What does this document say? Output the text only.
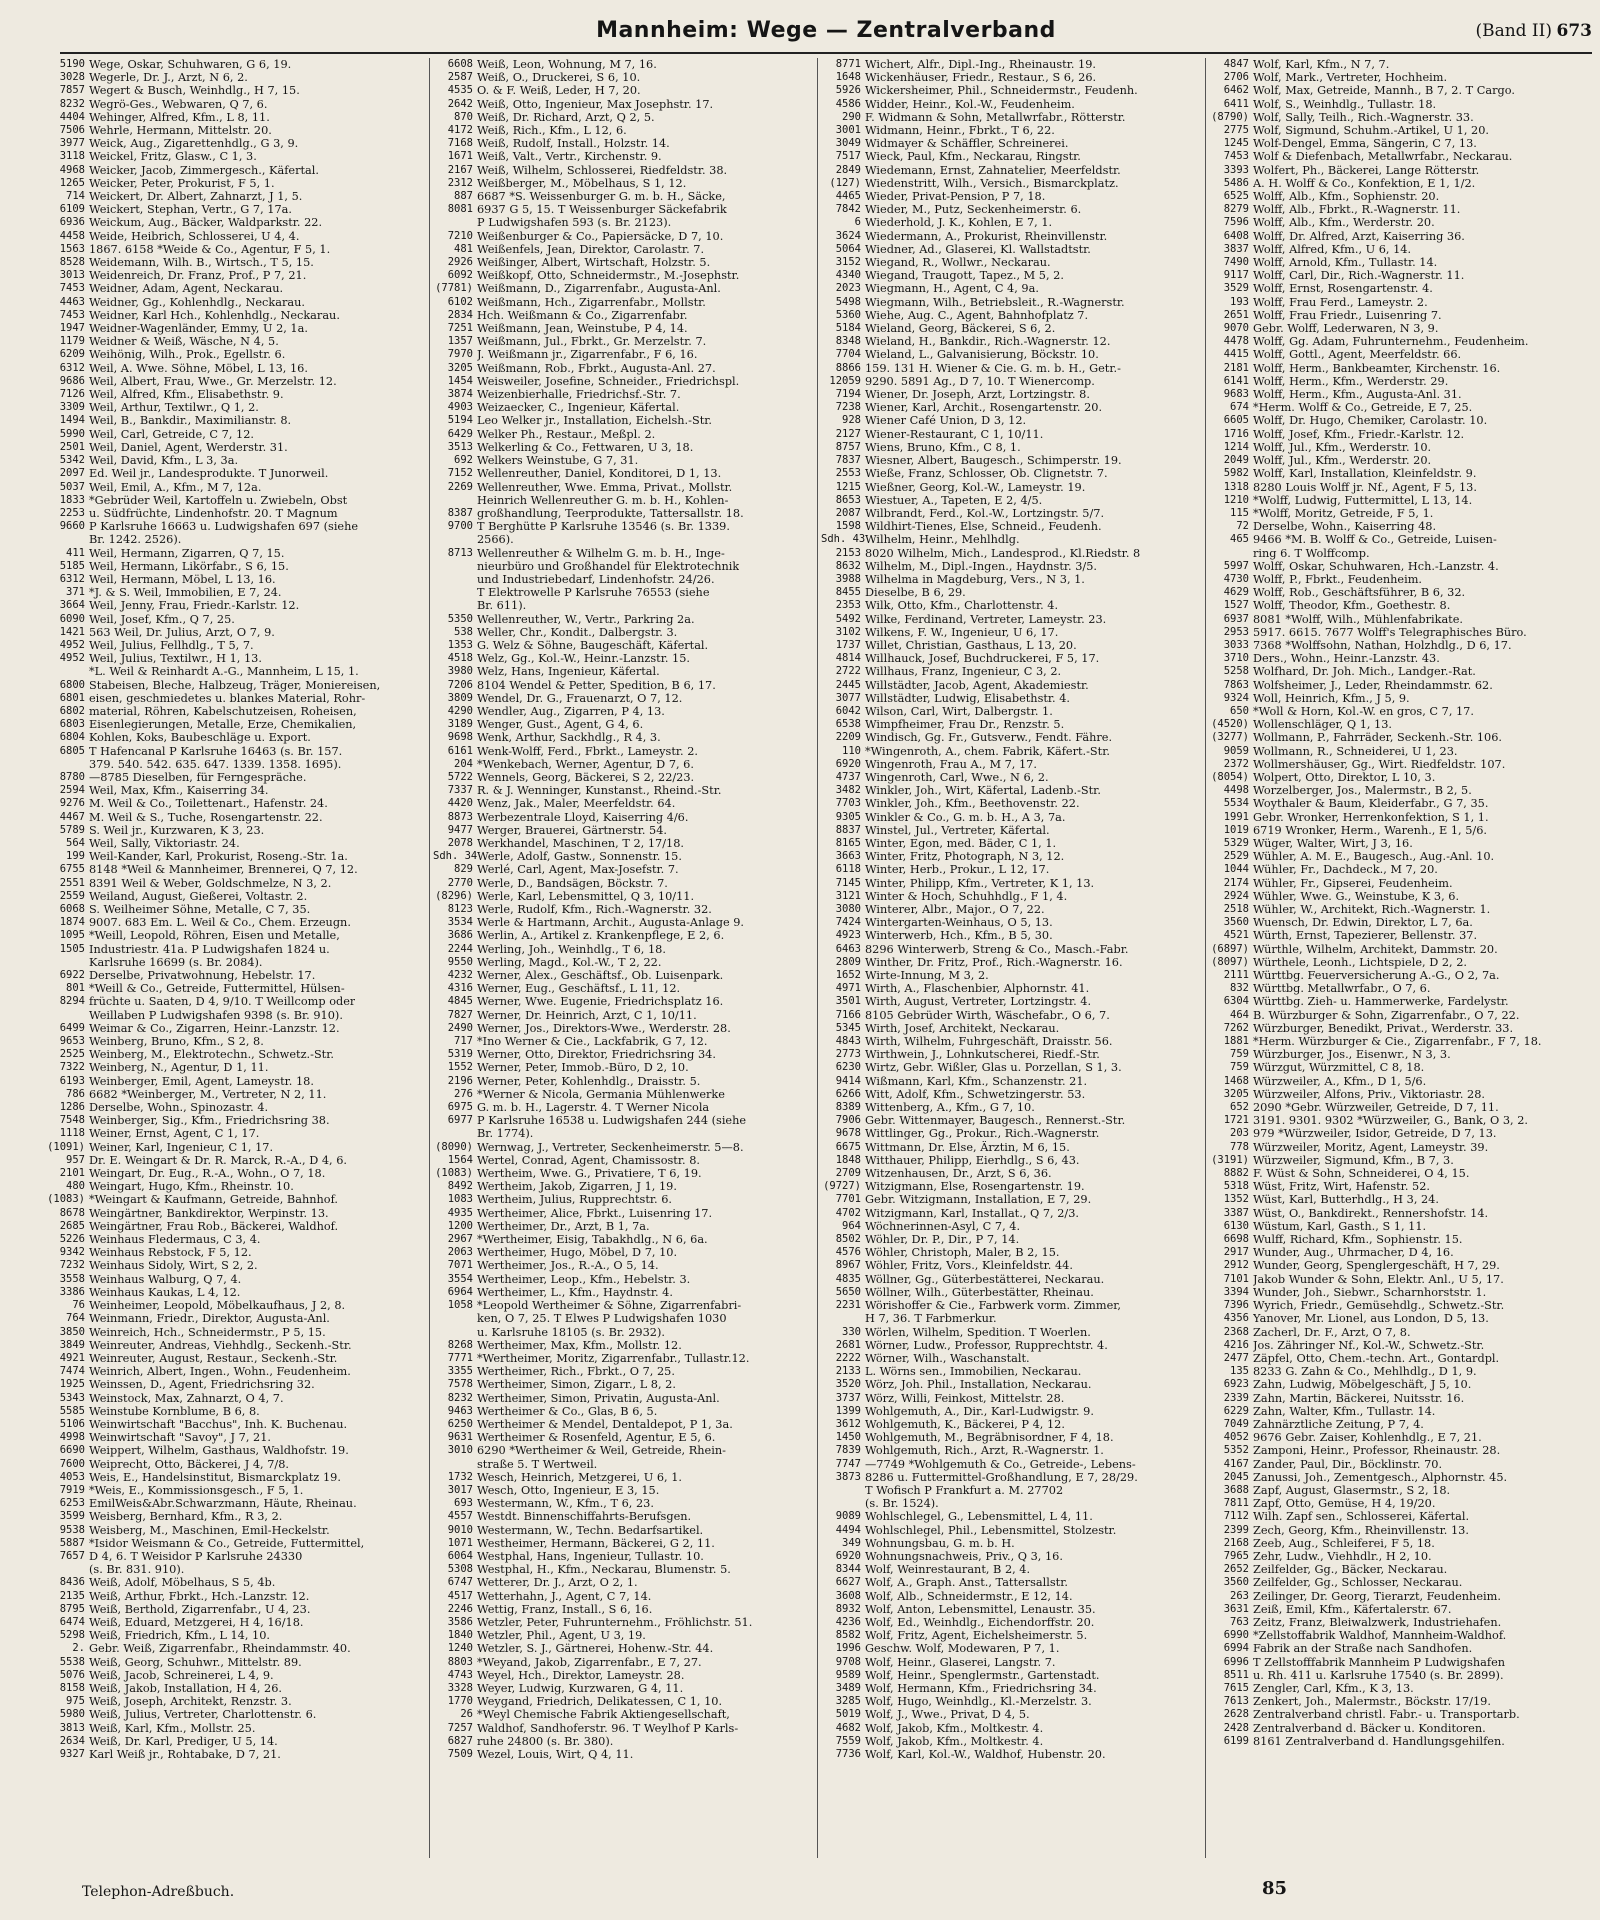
Mannheim: Wege — Zentralverband	(Band II) 673
5190 Wege, Oskar, Schuhwaren, G 6, 19.
3028 Wegerle, Dr. J., Arzt, N 6, 2.
7857 Wegert & Busch, Weinhdlg., H 7, 15.
8232 Wegrö-Ges., Webwaren, Q 7, 6.
4404 Wehinger, Alfred, Kfm., L 8, 11.
7506 Wehrle, Hermann, Mittelstr. 20.
3977 Weick, Aug., Zigarettenhdlg., G 3, 9.
3118 Weickel, Fritz, Glasw., C 1, 3.
4968 Weicker, Jacob, Zimmergesch., Käfertal.
1265 Weicker, Peter, Prokurist, F 5, 1.
714 Weickert, Dr. Albert, Zahnarzt, J 1, 5.
6109 Weickert, Stephan, Vertr., G 7, 17a.
6936 Weickum, Aug., Bäcker, Waldparkstr. 22.
4458 Weide, Heibrich, Schlosserei, U 4, 4.
1563 1867. 6158 *Weide & Co., Agentur, F 5, 1.
8528 Weidemann, Wilh. B., Wirtsch., T 5, 15.
3013 Weidenreich, Dr. Franz, Prof., P 7, 21.
7453 Weidner, Adam, Agent, Neckarau.
4463 Weidner, Gg., Kohlenhdlg., Neckarau.
7453 Weidner, Karl Hch., Kohlenhdlg., Neckarau.
1947 Weidner-Wagenländer, Emmy, U 2, 1a.
1179 Weidner & Weiß, Wäsche, N 4, 5.
6209 Weihönig, Wilh., Prok., Egellstr. 6.
6312 Weil, A. Wwe. Söhne, Möbel, L 13, 16.
9686 Weil, Albert, Frau, Wwe., Gr. Merzelstr. 12.
7126 Weil, Alfred, Kfm., Elisabethstr. 9.
3309 Weil, Arthur, Textilwr., Q 1, 2.
1494 Weil, B., Bankdir., Maximilianstr. 8.
5990 Weil, Carl, Getreide, C 7, 12.
2501 Weil, Daniel, Agent, Werderstr. 31.
5342 Weil, David, Kfm., L 3, 3a.
2097 Ed. Weil jr., Landesprodukte. T Junorweil.
5037 Weil, Emil, A., Kfm., M 7, 12a.
1833 *Gebrüder Weil, Kartoffeln u. Zwiebeln, Obst
2253 u. Südfrüchte, Lindenhofstr. 20. T Magnum
9660 P Karlsruhe 16663 u. Ludwigshafen 697 (siehe
Br. 1242. 2526).
411 Weil, Hermann, Zigarren, Q 7, 15.
5185 Weil, Hermann, Likörfabr., S 6, 15.
6312 Weil, Hermann, Möbel, L 13, 16.
371 *J. & S. Weil, Immobilien, E 7, 24.
3664 Weil, Jenny, Frau, Friedr.-Karlstr. 12.
6090 Weil, Josef, Kfm., Q 7, 25.
1421 563 Weil, Dr. Julius, Arzt, O 7, 9.
4952 Weil, Julius, Fellhdlg., T 5, 7.
4952 Weil, Julius, Textilwr., H 1, 13.
*L. Weil & Reinhardt A.-G., Mannheim, L 15, 1.
6800 Stabeisen, Bleche, Halbzeug, Träger, Moniereisen,
6801 eisen, geschmiedetes u. blankes Material, Rohr-
6802 material, Röhren, Kabelschutzeisen, Roheisen,
6803 Eisenlegierungen, Metalle, Erze, Chemikalien,
6804 Kohlen, Koks, Baubeschläge u. Export.
6805 T Hafencanal P Karlsruhe 16463 (s. Br. 157.
379. 540. 542. 635. 647. 1339. 1358. 1695).
8780 —8785 Dieselben, für Ferngespräche.
2594 Weil, Max, Kfm., Kaiserring 34.
9276 M. Weil & Co., Toilettenart., Hafenstr. 24.
4467 M. Weil & S., Tuche, Rosengartenstr. 22.
5789 S. Weil jr., Kurzwaren, K 3, 23.
564 Weil, Sally, Viktoriastr. 24.
199 Weil-Kander, Karl, Prokurist, Roseng.-Str. 1a.
6755 8148 *Weil & Mannheimer, Brennerei, Q 7, 12.
2551 8391 Weil & Weber, Goldschmelze, N 3, 2.
2559 Weiland, August, Gießerei, Voltastr. 2.
6068 S. Weilheimer Söhne, Metalle, C 7, 35.
1874 9007. 683 Em. L. Weil & Co., Chem. Erzeugn.
1095 *Weill, Leopold, Röhren, Eisen und Metalle,
1505 Industriestr. 41a. P Ludwigshafen 1824 u.
Karlsruhe 16699 (s. Br. 2084).
6922 Derselbe, Privatwohnung, Hebelstr. 17.
801 *Weill & Co., Getreide, Futtermittel, Hülsen-
8294 früchte u. Saaten, D 4, 9/10. T Weillcomp oder
Weillaben P Ludwigshafen 9398 (s. Br. 910).
6499 Weimar & Co., Zigarren, Heinr.-Lanzstr. 12.
9653 Weinberg, Bruno, Kfm., S 2, 8.
2525 Weinberg, M., Elektrotechn., Schwetz.-Str.
7322 Weinberg, N., Agentur, D 1, 11.
6193 Weinberger, Emil, Agent, Lameystr. 18.
786 6682 *Weinberger, M., Vertreter, N 2, 11.
1286 Derselbe, Wohn., Spinozastr. 4.
7548 Weinberger, Sig., Kfm., Friedrichsring 38.
1118 Weiner, Ernst, Agent, C 1, 17.
(1091) Weiner, Karl, Ingenieur, C 1, 17.
957 Dr. E. Weingart & Dr. R. Marck, R.-A., D 4, 6.
2101 Weingart, Dr. Eug., R.-A., Wohn., O 7, 18.
480 Weingart, Hugo, Kfm., Rheinstr. 10.
(1083) *Weingart & Kaufmann, Getreide, Bahnhof.
8678 Weingärtner, Bankdirektor, Werpinstr. 13.
2685 Weingärtner, Frau Rob., Bäckerei, Waldhof.
5226 Weinhaus Fledermaus, C 3, 4.
9342 Weinhaus Rebstock, F 5, 12.
7232 Weinhaus Sidoly, Wirt, S 2, 2.
3558 Weinhaus Walburg, Q 7, 4.
3386 Weinhaus Kaukas, L 4, 12.
76 Weinheimer, Leopold, Möbelkaufhaus, J 2, 8.
764 Weinmann, Friedr., Direktor, Augusta-Anl.
3850 Weinreich, Hch., Schneidermstr., P 5, 15.
3849 Weinreuter, Andreas, Viehhdlg., Seckenh.-Str.
4921 Weinreuter, August, Restaur., Seckenh.-Str.
7474 Weinrich, Albert, Ingen., Wohn., Feudenheim.
1925 Weinssen, D., Agent, Friedrichsring 32.
5343 Weinstock, Max, Zahnarzt, O 4, 7.
5585 Weinstube Kornblume, B 6, 8.
5106 Weinwirtschaft "Bacchus", Inh. K. Buchenau.
4998 Weinwirtschaft "Savoy", J 7, 21.
6690 Weippert, Wilhelm, Gasthaus, Waldhofstr. 19.
7600 Weiprecht, Otto, Bäckerei, J 4, 7/8.
4053 Weis, E., Handelsinstitut, Bismarckplatz 19.
7919 *Weis, E., Kommissionsgesch., F 5, 1.
6253 EmilWeis&Abr.Schwarzmann, Häute, Rheinau.
3599 Weisberg, Bernhard, Kfm., R 3, 2.
9538 Weisberg, M., Maschinen, Emil-Heckelstr.
5887 *Isidor Weismann & Co., Getreide, Futtermittel,
7657 D 4, 6. T Weisidor P Karlsruhe 24330
(s. Br. 831. 910).
8436 Weiß, Adolf, Möbelhaus, S 5, 4b.
2135 Weiß, Arthur, Fbrkt., Hch.-Lanzstr. 12.
8795 Weiß, Berthold, Zigarrenfabr., U 4, 23.
6474 Weiß, Eduard, Metzgerei, H 4, 16/18.
5298 Weiß, Friedrich, Kfm., L 14, 10.
2. Gebr. Weiß, Zigarrenfabr., Rheindammstr. 40.
5538 Weiß, Georg, Schuhwr., Mittelstr. 89.
5076 Weiß, Jacob, Schreinerei, L 4, 9.
8158 Weiß, Jakob, Installation, H 4, 26.
975 Weiß, Joseph, Architekt, Renzstr. 3.
5980 Weiß, Julius, Vertreter, Charlottenstr. 6.
3813 Weiß, Karl, Kfm., Mollstr. 25.
2634 Weiß, Dr. Karl, Prediger, U 5, 14.
9327 Karl Weiß jr., Rohtabake, D 7, 21.
6608 Weiß, Leon, Wohnung, M 7, 16.
2587 Weiß, O., Druckerei, S 6, 10.
4535 O. & F. Weiß, Leder, H 7, 20.
2642 Weiß, Otto, Ingenieur, Max Josephstr. 17.
870 Weiß, Dr. Richard, Arzt, Q 2, 5.
4172 Weiß, Rich., Kfm., L 12, 6.
7168 Weiß, Rudolf, Install., Holzstr. 14.
1671 Weiß, Valt., Vertr., Kirchenstr. 9.
2167 Weiß, Wilhelm, Schlosserei, Riedfeldstr. 38.
2312 Weißberger, M., Möbelhaus, S 1, 12.
887 6687 *S. Weissenburger G. m. b. H., Säcke,
8081 6937 G 5, 15. T Weissenburger Säckefabrik
P Ludwigshafen 593 (s. Br. 2123).
7210 Weißenburger & Co., Papiersäcke, D 7, 10.
481 Weißenfels, Jean, Direktor, Carolastr. 7.
2926 Weißinger, Albert, Wirtschaft, Holzstr. 5.
6092 Weißkopf, Otto, Schneidermstr., M.-Josephstr.
(7781) Weißmann, D., Zigarrenfabr., Augusta-Anl.
6102 Weißmann, Hch., Zigarrenfabr., Mollstr.
2834 Hch. Weißmann & Co., Zigarrenfabr.
7251 Weißmann, Jean, Weinstube, P 4, 14.
1357 Weißmann, Jul., Fbrkt., Gr. Merzelstr. 7.
7970 J. Weißmann jr., Zigarrenfabr., F 6, 16.
3205 Weißmann, Rob., Fbrkt., Augusta-Anl. 27.
1454 Weisweiler, Josefine, Schneider., Friedrichspl.
3874 Weizenbierhalle, Friedrichsf.-Str. 7.
4903 Weizaecker, C., Ingenieur, Käfertal.
5194 Leo Welker jr., Installation, Eichelsh.-Str.
6429 Welker Ph., Restaur., Meßpl. 2.
3513 Welkerling & Co., Fettwaren, U 3, 18.
692 Welkers Weinstube, G 7, 31.
7152 Wellenreuther, Daniel, Konditorei, D 1, 13.
2269 Wellenreuther, Wwe. Emma, Privat., Mollstr.
Heinrich Wellenreuther G. m. b. H., Kohlen-
8387 großhandlung, Teerprodukte, Tattersallstr. 18.
9700 T Berghütte P Karlsruhe 13546 (s. Br. 1339.
2566).
8713 Wellenreuther & Wilhelm G. m. b. H., Inge-
nieurbüro und Großhandel für Elektrotechnik
und Industriebedarf, Lindenhofstr. 24/26.
T Elektrowelle P Karlsruhe 76553 (siehe
Br. 611).
5350 Wellenreuther, W., Vertr., Parkring 2a.
538 Weller, Chr., Kondit., Dalbergstr. 3.
1353 G. Welz & Söhne, Baugeschäft, Käfertal.
4518 Welz, Gg., Kol.-W., Heinr.-Lanzstr. 15.
3980 Welz, Hans, Ingenieur, Käfertal.
7206 8104 Wendel & Petter, Spedition, B 6, 17.
3809 Wendel, Dr. G., Frauenarzt, O 7, 12.
4290 Wendler, Aug., Zigarren, P 4, 13.
3189 Wenger, Gust., Agent, G 4, 6.
9698 Wenk, Arthur, Sackhdlg., R 4, 3.
6161 Wenk-Wolff, Ferd., Fbrkt., Lameystr. 2.
204 *Wenkebach, Werner, Agentur, D 7, 6.
5722 Wennels, Georg, Bäckerei, S 2, 22/23.
7337 R. & J. Wenninger, Kunstanst., Rheind.-Str.
4420 Wenz, Jak., Maler, Meerfeldstr. 64.
8873 Werbezentrale Lloyd, Kaiserring 4/6.
9477 Werger, Brauerei, Gärtnerstr. 54.
2078 Werkhandel, Maschinen, T 2, 17/18.
Sdh. 34 Werle, Adolf, Gastw., Sonnenstr. 15.
829 Werlé, Carl, Agent, Max-Josefstr. 7.
2770 Werle, D., Bandsägen, Böckstr. 7.
(8296) Werle, Karl, Lebensmittel, Q 3, 10/11.
8123 Werle, Rudolf, Kfm., Rich.-Wagnerstr. 32.
3534 Werle & Hartmann, Archit., Augusta-Anlage 9.
3686 Werlin, A., Artikel z. Krankenpflege, E 2, 6.
2244 Werling, Joh., Weinhdlg., T 6, 18.
9550 Werling, Magd., Kol.-W., T 2, 22.
4232 Werner, Alex., Geschäftsf., Ob. Luisenpark.
4316 Werner, Eug., Geschäftsf., L 11, 12.
4845 Werner, Wwe. Eugenie, Friedrichsplatz 16.
7827 Werner, Dr. Heinrich, Arzt, C 1, 10/11.
2490 Werner, Jos., Direktors-Wwe., Werderstr. 28.
717 *Ino Werner & Cie., Lackfabrik, G 7, 12.
5319 Werner, Otto, Direktor, Friedrichsring 34.
1552 Werner, Peter, Immob.-Büro, D 2, 10.
2196 Werner, Peter, Kohlenhdlg., Draisstr. 5.
276 *Werner & Nicola, Germania Mühlenwerke
6975 G. m. b. H., Lagerstr. 4. T Werner Nicola
6977 P Karlsruhe 16538 u. Ludwigshafen 244 (siehe
Br. 1774).
(8090) Wernwag, J., Vertreter, Seckenheimerstr. 5—8.
1564 Wertel, Conrad, Agent, Chamissostr. 8.
(1083) Wertheim, Wwe. G., Privatiere, T 6, 19.
8492 Wertheim, Jakob, Zigarren, J 1, 19.
1083 Wertheim, Julius, Rupprechtstr. 6.
4935 Wertheimer, Alice, Fbrkt., Luisenring 17.
1200 Wertheimer, Dr., Arzt, B 1, 7a.
2967 *Wertheimer, Eisig, Tabakhdlg., N 6, 6a.
2063 Wertheimer, Hugo, Möbel, D 7, 10.
7071 Wertheimer, Jos., R.-A., O 5, 14.
3554 Wertheimer, Leop., Kfm., Hebelstr. 3.
6964 Wertheimer, L., Kfm., Haydnstr. 4.
1058 *Leopold Wertheimer & Söhne, Zigarrenfabri-
ken, O 7, 25. T Elwes P Ludwigshafen 1030
u. Karlsruhe 18105 (s. Br. 2932).
8268 Wertheimer, Max, Kfm., Mollstr. 12.
7771 *Wertheimer, Moritz, Zigarrenfabr., Tullastr.12.
3355 Wertheimer, Rich., Fbrkt., O 7, 25.
7578 Wertheimer, Simon, Zigarr., L 8, 2.
8232 Wertheimer, Simon, Privatin, Augusta-Anl.
9463 Wertheimer & Co., Glas, B 6, 5.
6250 Wertheimer & Mendel, Dentaldepot, P 1, 3a.
9631 Wertheimer & Rosenfeld, Agentur, E 5, 6.
3010 6290 *Wertheimer & Weil, Getreide, Rhein-
straße 5. T Wertweil.
1732 Wesch, Heinrich, Metzgerei, U 6, 1.
3017 Wesch, Otto, Ingenieur, E 3, 15.
693 Westermann, W., Kfm., T 6, 23.
4557 Westdt. Binnenschiffahrts-Berufsgen.
9010 Westermann, W., Techn. Bedarfsartikel.
1071 Westheimer, Hermann, Bäckerei, G 2, 11.
6064 Westphal, Hans, Ingenieur, Tullastr. 10.
5308 Westphal, H., Kfm., Neckarau, Blumenstr. 5.
6747 Wetterer, Dr. J., Arzt, O 2, 1.
4517 Wetterhahn, J., Agent, C 7, 14.
2246 Wettig, Franz, Install., S 6, 16.
3586 Wetzler, Peter, Fuhrunternehm., Fröhlichstr. 51.
1840 Wetzler, Phil., Agent, U 3, 19.
1240 Wetzler, S. J., Gärtnerei, Hohenw.-Str. 44.
8803 *Weyand, Jakob, Zigarrenfabr., E 7, 27.
4743 Weyel, Hch., Direktor, Lameystr. 28.
3328 Weyer, Ludwig, Kurzwaren, G 4, 11.
1770 Weygand, Friedrich, Delikatessen, C 1, 10.
26 *Weyl Chemische Fabrik Aktiengesellschaft,
7257 Waldhof, Sandhoferstr. 96. T Weylhof P Karls-
6827 ruhe 24800 (s. Br. 380).
7509 Wezel, Louis, Wirt, Q 4, 11.
8771 Wichert, Alfr., Dipl.-Ing., Rheinaustr. 19.
1648 Wickenhäuser, Friedr., Restaur., S 6, 26.
5926 Wickersheimer, Phil., Schneidermstr., Feudenh.
4586 Widder, Heinr., Kol.-W., Feudenheim.
290 F. Widmann & Sohn, Metallwrfabr., Rötterstr.
3001 Widmann, Heinr., Fbrkt., T 6, 22.
3049 Widmayer & Schäffler, Schreinerei.
7517 Wieck, Paul, Kfm., Neckarau, Ringstr.
2849 Wiedemann, Ernst, Zahnatelier, Meerfeldstr.
(127) Wiedenstritt, Wilh., Versich., Bismarckplatz.
4465 Wieder, Privat-Pension, P 7, 18.
7842 Wieder, M., Putz, Seckenheimerstr. 6.
6 Wiederhold, J. K., Kohlen, E 7, 1.
3624 Wiedermann, A., Prokurist, Rheinvillenstr.
5064 Wiedner, Ad., Glaserei, Kl. Wallstadtstr.
3152 Wiegand, R., Wollwr., Neckarau.
4340 Wiegand, Traugott, Tapez., M 5, 2.
2023 Wiegmann, H., Agent, C 4, 9a.
5498 Wiegmann, Wilh., Betriebsleit., R.-Wagnerstr.
5360 Wiehe, Aug. C., Agent, Bahnhofplatz 7.
5184 Wieland, Georg, Bäckerei, S 6, 2.
8348 Wieland, H., Bankdir., Rich.-Wagnerstr. 12.
7704 Wieland, L., Galvanisierung, Böckstr. 10.
8866 159. 131 H. Wiener & Cie. G. m. b. H., Getr.-
12059 9290. 5891 Ag., D 7, 10. T Wienercomp.
7194 Wiener, Dr. Joseph, Arzt, Lortzingstr. 8.
7238 Wiener, Karl, Archit., Rosengartenstr. 20.
928 Wiener Café Union, D 3, 12.
2127 Wiener-Restaurant, C 1, 10/11.
8757 Wiens, Bruno, Kfm., C 8, 1.
7837 Wiesner, Albert, Baugesch., Schimperstr. 19.
2553 Wieße, Franz, Schlosser, Ob. Clignetstr. 7.
1215 Wießner, Georg, Kol.-W., Lameystr. 19.
8653 Wiestuer, A., Tapeten, E 2, 4/5.
2087 Wilbrandt, Ferd., Kol.-W., Lortzingstr. 5/7.
1598 Wildhirt-Tienes, Else, Schneid., Feudenh.
Sdh. 43 Wilhelm, Heinr., Mehlhdlg.
2153 8020 Wilhelm, Mich., Landesprod., Kl.Riedstr. 8
8632 Wilhelm, M., Dipl.-Ingen., Haydnstr. 3/5.
3988 Wilhelma in Magdeburg, Vers., N 3, 1.
8455 Dieselbe, B 6, 29.
2353 Wilk, Otto, Kfm., Charlottenstr. 4.
5492 Wilke, Ferdinand, Vertreter, Lameystr. 23.
3102 Wilkens, F. W., Ingenieur, U 6, 17.
1737 Willet, Christian, Gasthaus, L 13, 20.
4814 Willhauck, Josef, Buchdruckerei, F 5, 17.
2722 Willhaus, Franz, Ingenieur, C 3, 2.
2445 Willstädter, Jacob, Agent, Akademiestr.
3077 Willstädter, Ludwig, Elisabethstr. 4.
6042 Wilson, Carl, Wirt, Dalbergstr. 1.
6538 Wimpfheimer, Frau Dr., Renzstr. 5.
2209 Windisch, Gg. Fr., Gutsverw., Fendt. Fähre.
110 *Wingenroth, A., chem. Fabrik, Käfert.-Str.
6920 Wingenroth, Frau A., M 7, 17.
4737 Wingenroth, Carl, Wwe., N 6, 2.
3482 Winkler, Joh., Wirt, Käfertal, Ladenb.-Str.
7703 Winkler, Joh., Kfm., Beethovenstr. 22.
9305 Winkler & Co., G. m. b. H., A 3, 7a.
8837 Winstel, Jul., Vertreter, Käfertal.
8165 Winter, Egon, med. Bäder, C 1, 1.
3663 Winter, Fritz, Photograph, N 3, 12.
6118 Winter, Herb., Prokur., L 12, 17.
7145 Winter, Philipp, Kfm., Vertreter, K 1, 13.
3121 Winter & Hoch, Schuhhdlg., F 1, 4.
3080 Winterer, Albr., Major., O 7, 22.
7424 Wintergarten-Weinhaus, O 5, 13.
4923 Winterwerb, Hch., Kfm., B 5, 30.
6463 8296 Winterwerb, Streng & Co., Masch.-Fabr.
2809 Winther, Dr. Fritz, Prof., Rich.-Wagnerstr. 16.
1652 Wirte-Innung, M 3, 2.
4971 Wirth, A., Flaschenbier, Alphornstr. 41.
3501 Wirth, August, Vertreter, Lortzingstr. 4.
7166 8105 Gebrüder Wirth, Wäschefabr., O 6, 7.
5345 Wirth, Josef, Architekt, Neckarau.
4843 Wirth, Wilhelm, Fuhrgeschäft, Draisstr. 56.
2773 Wirthwein, J., Lohnkutscherei, Riedf.-Str.
6230 Wirtz, Gebr. Wißler, Glas u. Porzellan, S 1, 3.
9414 Wißmann, Karl, Kfm., Schanzenstr. 21.
6266 Witt, Adolf, Kfm., Schwetzingerstr. 53.
8389 Wittenberg, A., Kfm., G 7, 10.
7906 Gebr. Wittenmayer, Baugesch., Rennerst.-Str.
9678 Wittlinger, Gg., Prokur., Rich.-Wagnerstr.
6675 Wittmann, Dr. Else, Ärztin, M 6, 15.
1848 Witthauer, Philipp, Eierhdlg., S 6, 43.
2709 Witzenhausen, Dr., Arzt, S 6, 36.
(9727) Witzigmann, Else, Rosengartenstr. 19.
7701 Gebr. Witzigmann, Installation, E 7, 29.
4702 Witzigmann, Karl, Installat., Q 7, 2/3.
964 Wöchnerinnen-Asyl, C 7, 4.
8502 Wöhler, Dr. P., Dir., P 7, 14.
4576 Wöhler, Christoph, Maler, B 2, 15.
8967 Wöhler, Fritz, Vors., Kleinfeldstr. 44.
4835 Wöllner, Gg., Güterbestätterei, Neckarau.
5650 Wöllner, Wilh., Güterbestätter, Rheinau.
2231 Wörishoffer & Cie., Farbwerk vorm. Zimmer,
H 7, 36. T Farbmerkur.
330 Wörlen, Wilhelm, Spedition. T Woerlen.
2681 Wörner, Ludw., Professor, Rupprechtstr. 4.
2222 Wörner, Wilh., Waschanstalt.
2133 L. Wörns sen., Immobilien, Neckarau.
3520 Wörz, Joh. Phil., Installation, Neckarau.
3737 Wörz, Willi, Feinkost, Mittelstr. 28.
1399 Wohlgemuth, A., Dir., Karl-Ludwigstr. 9.
3612 Wohlgemuth, K., Bäckerei, P 4, 12.
1450 Wohlgemuth, M., Begräbnisordner, F 4, 18.
7839 Wohlgemuth, Rich., Arzt, R.-Wagnerstr. 1.
7747 —7749 *Wohlgemuth & Co., Getreide-, Lebens-
3873 8286 u. Futtermittel-Großhandlung, E 7, 28/29.
T Wofisch P Frankfurt a. M. 27702
(s. Br. 1524).
9089 Wohlschlegel, G., Lebensmittel, L 4, 11.
4494 Wohlschlegel, Phil., Lebensmittel, Stolzestr.
349 Wohnungsbau, G. m. b. H.
6920 Wohnungsnachweis, Priv., Q 3, 16.
8344 Wolf, Weinrestaurant, B 2, 4.
6627 Wolf, A., Graph. Anst., Tattersallstr.
3608 Wolf, Alb., Schneidermstr., E 12, 14.
8932 Wolf, Anton, Lebensmittel, Lenaustr. 35.
4236 Wolf, Ed., Weinhdlg., Eichendorffstr. 20.
8582 Wolf, Fritz, Agent, Eichelsheimerstr. 5.
1996 Geschw. Wolf, Modewaren, P 7, 1.
9708 Wolf, Heinr., Glaserei, Langstr. 7.
9589 Wolf, Heinr., Spenglermstr., Gartenstadt.
3489 Wolf, Hermann, Kfm., Friedrichsring 34.
3285 Wolf, Hugo, Weinhdlg., Kl.-Merzelstr. 3.
5019 Wolf, J., Wwe., Privat, D 4, 5.
4682 Wolf, Jakob, Kfm., Moltkestr. 4.
7559 Wolf, Jakob, Kfm., Moltkestr. 4.
7736 Wolf, Karl, Kol.-W., Waldhof, Hubenstr. 20.
4847 Wolf, Karl, Kfm., N 7, 7.
2706 Wolf, Mark., Vertreter, Hochheim.
6462 Wolf, Max, Getreide, Mannh., B 7, 2. T Cargo.
6411 Wolf, S., Weinhdlg., Tullastr. 18.
(8790) Wolf, Sally, Teilh., Rich.-Wagnerstr. 33.
2775 Wolf, Sigmund, Schuhm.-Artikel, U 1, 20.
1245 Wolf-Dengel, Emma, Sängerin, C 7, 13.
7453 Wolf & Diefenbach, Metallwrfabr., Neckarau.
3393 Wolfert, Ph., Bäckerei, Lange Rötterstr.
5486 A. H. Wolff & Co., Konfektion, E 1, 1/2.
6525 Wolff, Alb., Kfm., Sophienstr. 20.
8279 Wolff, Alb., Fbrkt., R.-Wagnerstr. 11.
7596 Wolff, Alb., Kfm., Werderstr. 20.
6408 Wolff, Dr. Alfred, Arzt, Kaiserring 36.
3837 Wolff, Alfred, Kfm., U 6, 14.
7490 Wolff, Arnold, Kfm., Tullastr. 14.
9117 Wolff, Carl, Dir., Rich.-Wagnerstr. 11.
3529 Wolff, Ernst, Rosengartenstr. 4.
193 Wolff, Frau Ferd., Lameystr. 2.
2651 Wolff, Frau Friedr., Luisenring 7.
9070 Gebr. Wolff, Lederwaren, N 3, 9.
4478 Wolff, Gg. Adam, Fuhrunternehm., Feudenheim.
4415 Wolff, Gottl., Agent, Meerfeldstr. 66.
2181 Wolff, Herm., Bankbeamter, Kirchenstr. 16.
6141 Wolff, Herm., Kfm., Werderstr. 29.
9683 Wolff, Herm., Kfm., Augusta-Anl. 31.
674 *Herm. Wolff & Co., Getreide, E 7, 25.
6605 Wolff, Dr. Hugo, Chemiker, Carolastr. 10.
1716 Wolff, Josef, Kfm., Friedr.-Karlstr. 12.
1214 Wolff, Jul., Kfm., Werderstr. 10.
2049 Wolff, Jul., Kfm., Werderstr. 20.
5982 Wolff, Karl, Installation, Kleinfeldstr. 9.
1318 8280 Louis Wolff jr. Nf., Agent, F 5, 13.
1210 *Wolff, Ludwig, Futtermittel, L 13, 14.
115 *Wolff, Moritz, Getreide, F 5, 1.
72 Derselbe, Wohn., Kaiserring 48.
465 9466 *M. B. Wolff & Co., Getreide, Luisen-
ring 6. T Wolffcomp.
5997 Wolff, Oskar, Schuhwaren, Hch.-Lanzstr. 4.
4730 Wolff, P., Fbrkt., Feudenheim.
4629 Wolff, Rob., Geschäftsführer, B 6, 32.
1527 Wolff, Theodor, Kfm., Goethestr. 8.
6937 8081 *Wolff, Wilh., Mühlenfabrikate.
2953 5917. 6615. 7677 Wolff's Telegraphisches Büro.
3033 7368 *Wolffsohn, Nathan, Holzhdlg., D 6, 17.
3710 Ders., Wohn., Heinr.-Lanzstr. 43.
5258 Wolfhard, Dr. Joh. Mich., Landger.-Rat.
7863 Wolfsheimer, J., Leder, Rheindammstr. 62.
9324 Woll, Heinrich, Kfm., J 5, 9.
650 *Woll & Horn, Kol.-W. en gros, C 7, 17.
(4520) Wollenschläger, Q 1, 13.
(3277) Wollmann, P., Fahrräder, Seckenh.-Str. 106.
9059 Wollmann, R., Schneiderei, U 1, 23.
2372 Wollmershäuser, Gg., Wirt. Riedfeldstr. 107.
(8054) Wolpert, Otto, Direktor, L 10, 3.
4498 Worzelberger, Jos., Malermstr., B 2, 5.
5534 Woythaler & Baum, Kleiderfabr., G 7, 35.
1991 Gebr. Wronker, Herrenkonfektion, S 1, 1.
1019 6719 Wronker, Herm., Warenh., E 1, 5/6.
5329 Wüger, Walter, Wirt, J 3, 16.
2529 Wühler, A. M. E., Baugesch., Aug.-Anl. 10.
1044 Wühler, Fr., Dachdeck., M 7, 20.
2174 Wühler, Fr., Gipserei, Feudenheim.
2924 Wühler, Wwe. G., Weinstube, K 3, 6.
2518 Wühler, W., Architekt, Rich.-Wagnerstr. 1.
3560 Wuensch, Dr. Edwin, Direktor, L 7, 6a.
4521 Würth, Ernst, Tapezierer, Bellenstr. 37.
(6897) Würthle, Wilhelm, Architekt, Dammstr. 20.
(8097) Würthele, Leonh., Lichtspiele, D 2, 2.
2111 Württbg. Feuerversicherung A.-G., O 2, 7a.
832 Württbg. Metallwrfabr., O 7, 6.
6304 Württbg. Zieh- u. Hammerwerke, Fardelystr.
464 B. Würzburger & Sohn, Zigarrenfabr., O 7, 22.
7262 Würzburger, Benedikt, Privat., Werderstr. 33.
1881 *Herm. Würzburger & Cie., Zigarrenfabr., F 7, 18.
759 Würzburger, Jos., Eisenwr., N 3, 3.
759 Würzgut, Würzmittel, C 8, 18.
1468 Würzweiler, A., Kfm., D 1, 5/6.
3205 Würzweiler, Alfons, Priv., Viktoriastr. 28.
652 2090 *Gebr. Würzweiler, Getreide, D 7, 11.
1721 3191. 9301. 9302 *Würzweiler, G., Bank, O 3, 2.
203 979 *Würzweiler, Isidor, Getreide, D 7, 13.
778 Würzweiler, Moritz, Agent, Lameystr. 39.
(3191) Würzweiler, Sigmund, Kfm., B 7, 3.
8882 F. Wüst & Sohn, Schneiderei, O 4, 15.
5318 Wüst, Fritz, Wirt, Hafenstr. 52.
1352 Wüst, Karl, Butterhdlg., H 3, 24.
3387 Wüst, O., Bankdirekt., Rennershofstr. 14.
6130 Wüstum, Karl, Gasth., S 1, 11.
6698 Wulff, Richard, Kfm., Sophienstr. 15.
2917 Wunder, Aug., Uhrmacher, D 4, 16.
2912 Wunder, Georg, Spenglergeschäft, H 7, 29.
7101 Jakob Wunder & Sohn, Elektr. Anl., U 5, 17.
3394 Wunder, Joh., Siebwr., Scharnhorststr. 1.
7396 Wyrich, Friedr., Gemüsehdlg., Schwetz.-Str.
4356 Yanover, Mr. Lionel, aus London, D 5, 13.
2368 Zacherl, Dr. F., Arzt, O 7, 8.
4216 Jos. Zähringer Nf., Kol.-W., Schwetz.-Str.
2477 Zäpfel, Otto, Chem.-techn. Art., Gontardpl.
135 8233 G. Zahn & Co., Mehlhdlg., D 1, 9.
6923 Zahn, Ludwig, Möbelgeschäft, J 5, 10.
2339 Zahn, Martin, Bäckerei, Nuitsstr. 16.
6229 Zahn, Walter, Kfm., Tullastr. 14.
7049 Zahnärztliche Zeitung, P 7, 4.
4052 9676 Gebr. Zaiser, Kohlenhdlg., E 7, 21.
5352 Zamponi, Heinr., Professor, Rheinaustr. 28.
4167 Zander, Paul, Dir., Böcklinstr. 70.
2045 Zanussi, Joh., Zementgesch., Alphornstr. 45.
3688 Zapf, August, Glasermstr., S 2, 18.
7811 Zapf, Otto, Gemüse, H 4, 19/20.
7112 Wilh. Zapf sen., Schlosserei, Käfertal.
2399 Zech, Georg, Kfm., Rheinvillenstr. 13.
2168 Zeeb, Aug., Schleiferei, F 5, 18.
7965 Zehr, Ludw., Viehhdlr., H 2, 10.
2652 Zeilfelder, Gg., Bäcker, Neckarau.
3560 Zeilfelder, Gg., Schlosser, Neckarau.
263 Zeilinger, Dr. Georg, Tierarzt, Feudenheim.
3631 Zeiß, Emil, Kfm., Käfertalerstr. 67.
763 Zeitz, Franz, Bleiwalzwerk, Industriehafen.
6990 *Zellstoffabrik Waldhof, Mannheim-Waldhof.
6994 Fabrik an der Straße nach Sandhofen.
6996 T Zellstofffabrik Mannheim P Ludwigshafen
8511 u. Rh. 411 u. Karlsruhe 17540 (s. Br. 2899).
7615 Zengler, Carl, Kfm., K 3, 13.
7613 Zenkert, Joh., Malermstr., Böckstr. 17/19.
2628 Zentralverband christl. Fabr.- u. Transportarb.
2428 Zentralverband d. Bäcker u. Konditoren.
6199 8161 Zentralverband d. Handlungsgehilfen.
Telephon-Adreßbuch.	85
